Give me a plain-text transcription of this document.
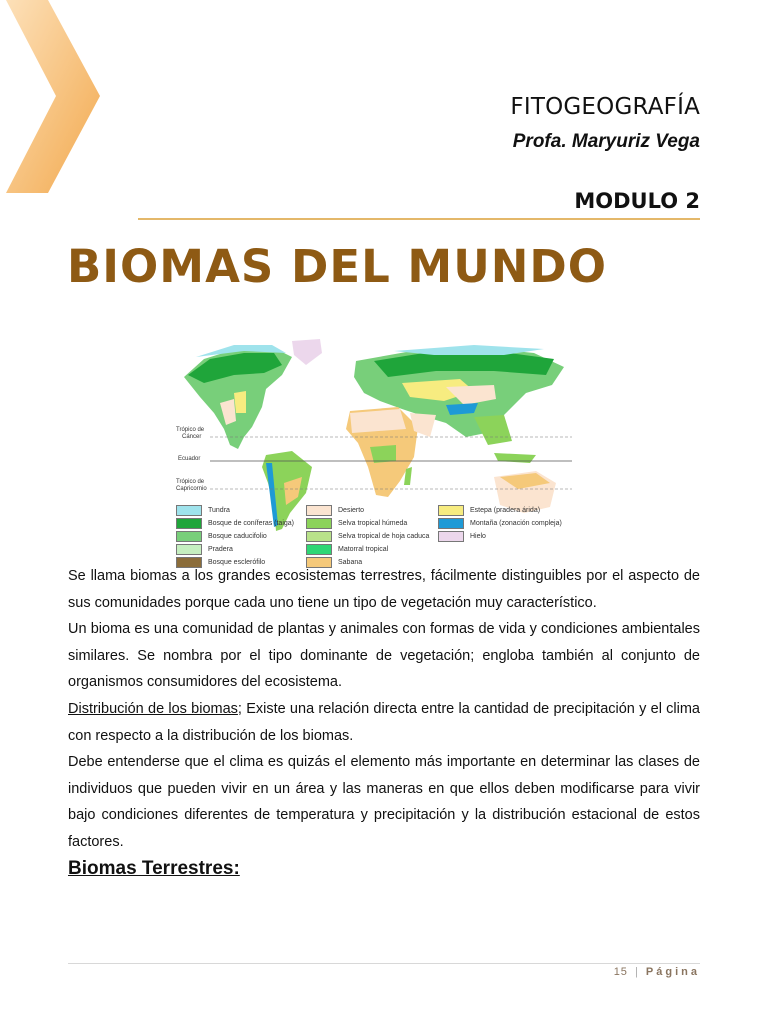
FITOGEOGRAFÍA
Profa. Maryuriz Vega
MODULO 2
BIOMAS DEL MUNDO
Trópico de
Cáncer
Ecuador
Trópico de
Capricornio
Tundra
Bosque de coníferas (taiga)
Bosque caducifolio
Pradera
Bosque esclerófilo
Desierto
Selva tropical húmeda
Selva tropical de hoja caduca
Matorral tropical
Sabana
Estepa (pradera árida)
Montaña (zonación compleja)
Hielo

Se llama biomas a los grandes ecosistemas terrestres, fácilmente distinguibles por el aspecto de sus comunidades porque cada uno tiene un tipo de vegetación muy característico.

Un bioma es una comunidad de plantas y animales con formas de vida y condiciones ambientales similares. Se nombra por el tipo dominante de vegetación; engloba también al conjunto de organismos consumidores del ecosistema.

Distribución de los biomas; Existe una relación directa entre la cantidad de precipitación y el clima con respecto a la distribución de los biomas.

Debe entenderse que el clima es quizás el elemento más importante en determinar las clases de individuos que pueden vivir en un área y las maneras en que ellos deben modificarse para vivir bajo condiciones diferentes de temperatura y precipitación y la distribución estacional de estos factores.

Biomas Terrestres:
15 | Página
